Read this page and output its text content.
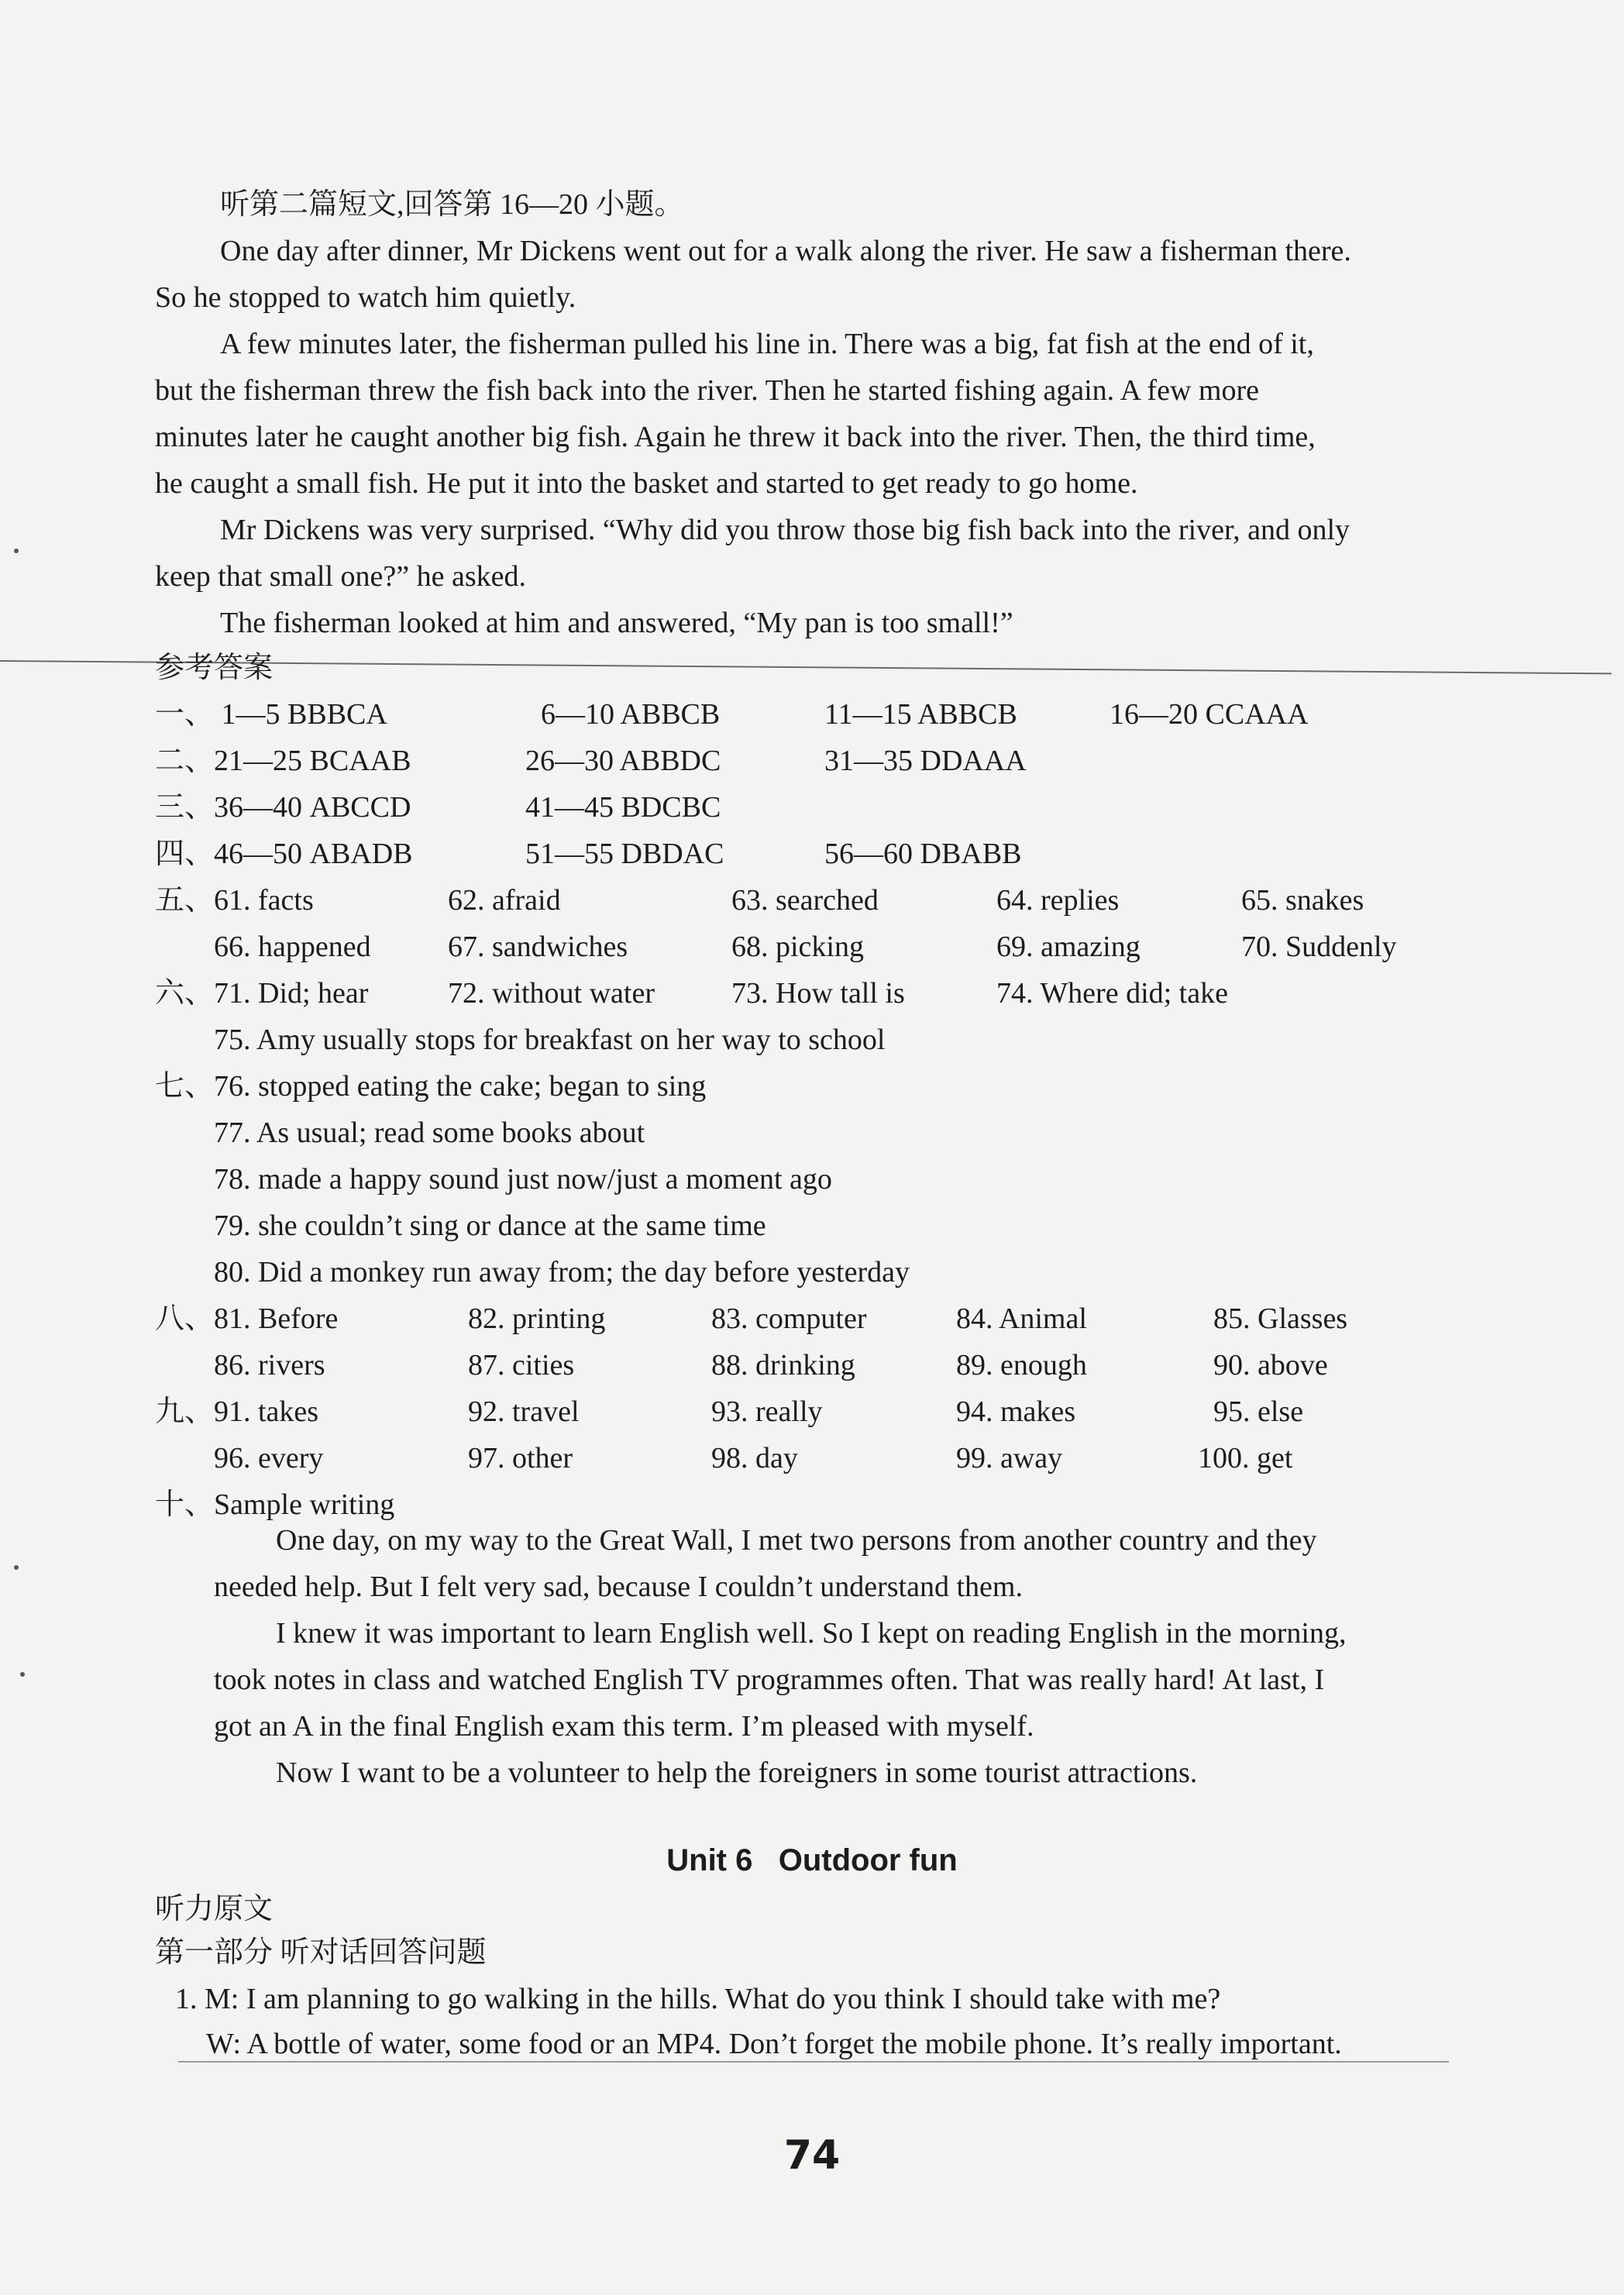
听第二篇短文,回答第 16—20 小题。
One day after dinner, Mr Dickens went out for a walk along the river. He saw a fisherman there.
So he stopped to watch him quietly.
A few minutes later, the fisherman pulled his line in. There was a big, fat fish at the end of it,
but the fisherman threw the fish back into the river. Then he started fishing again. A few more
minutes later he caught another big fish. Again he threw it back into the river. Then, the third time,
he caught a small fish. He put it into the basket and started to get ready to go home.
Mr Dickens was very surprised. “Why did you throw those big fish back into the river, and only
keep that small one?” he asked.
The fisherman looked at him and answered, “My pan is too small!”
参考答案
一、 1—5 BBBCA	6—10 ABBCB	11—15 ABBCB	16—20 CCAAA
二、21—25 BCAAB	26—30 ABBDC	31—35 DDAAA
三、36—40 ABCCD	41—45 BDCBC
四、46—50 ABADB	51—55 DBDAC	56—60 DBABB
五、61. facts	62. afraid	63. searched	64. replies	65. snakes
66. happened	67. sandwiches	68. picking	69. amazing	70. Suddenly
六、71. Did; hear	72. without water	73. How tall is	74. Where did; take
75. Amy usually stops for breakfast on her way to school
七、76. stopped eating the cake; began to sing
77. As usual; read some books about
78. made a happy sound just now/just a moment ago
79. she couldn’t sing or dance at the same time
80. Did a monkey run away from; the day before yesterday
八、81. Before	82. printing	83. computer	84. Animal	85. Glasses
86. rivers	87. cities	88. drinking	89. enough	90. above
九、91. takes	92. travel	93. really	94. makes	95. else
96. every	97. other	98. day	99. away	100. get
十、Sample writing
One day, on my way to the Great Wall, I met two persons from another country and they
needed help. But I felt very sad, because I couldn’t understand them.
I knew it was important to learn English well. So I kept on reading English in the morning,
took notes in class and watched English TV programmes often. That was really hard! At last, I
got an A in the final English exam this term. I’m pleased with myself.
Now I want to be a volunteer to help the foreigners in some tourist attractions.
Unit 6   Outdoor fun
听力原文
第一部分 听对话回答问题
1. M: I am planning to go walking in the hills. What do you think I should take with me?
W: A bottle of water, some food or an MP4. Don’t forget the mobile phone. It’s really important.
74
